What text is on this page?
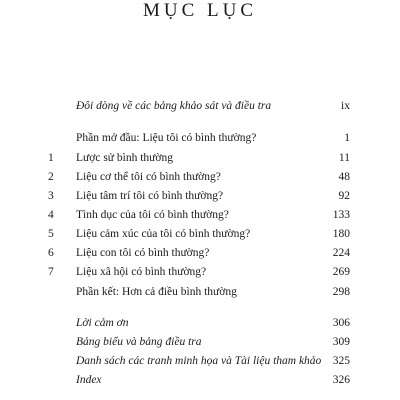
MỤC LỤC
Đôi dòng về các bảng khảo sát và điều tra	ix
Phần mở đầu: Liệu tôi có bình thường?	1
1	Lược sử bình thường	11
2	Liệu cơ thể tôi có bình thường?	48
3	Liệu tâm trí tôi có bình thường?	92
4	Tình dục của tôi có bình thường?	133
5	Liệu cảm xúc của tôi có bình thường?	180
6	Liệu con tôi có bình thường?	224
7	Liệu xã hội có bình thường?	269
Phần kết: Hơn cả điều bình thường	298
Lời cảm ơn	306
Bảng biểu và bảng điều tra	309
Danh sách các tranh minh họa và Tài liệu tham khảo 325
Index	326
